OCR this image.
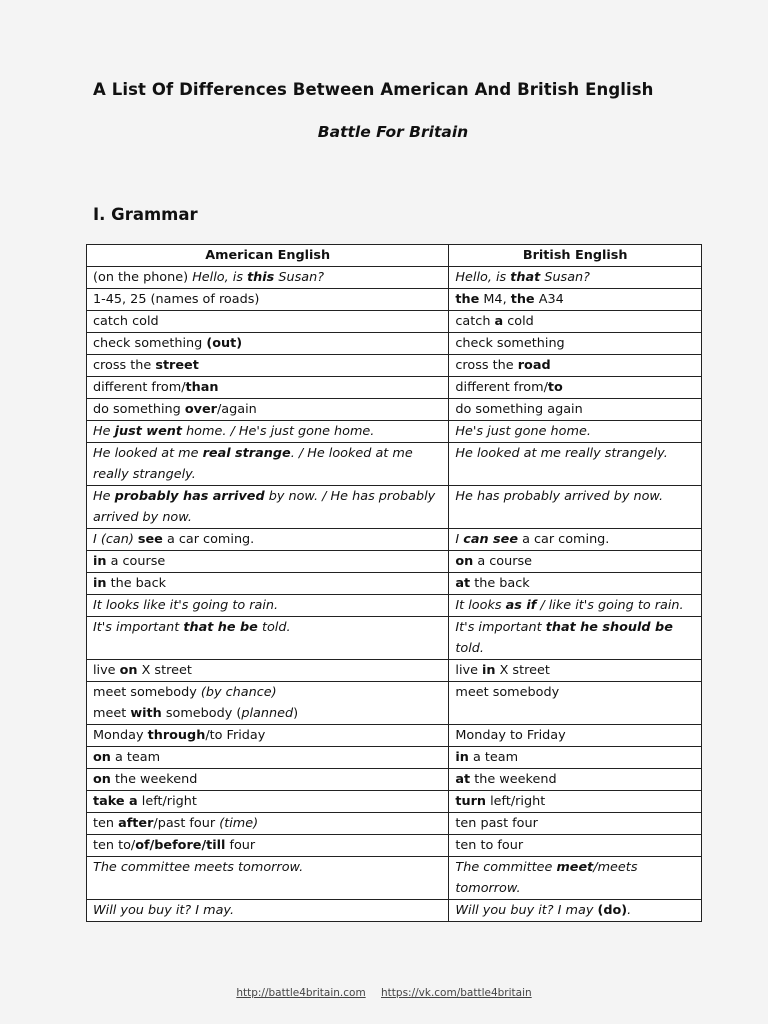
A List Of Differences Between American And British English
Battle For Britain
I. Grammar
American English	British English
(on the phone) Hello, is this Susan?	Hello, is that Susan?
1-45, 25 (names of roads)	the M4, the A34
catch cold	catch a cold
check something (out)	check something
cross the street	cross the road
different from/than	different from/to
do something over/again	do something again
He just went home. / He's just gone home.	He's just gone home.
He looked at me real strange. / He looked at me really strangely.	He looked at me really strangely.
He probably has arrived by now. / He has probably arrived by now.	He has probably arrived by now.
I (can) see a car coming.	I can see a car coming.
in a course	on a course
in the back	at the back
It looks like it's going to rain.	It looks as if / like it's going to rain.
It's important that he be told.	It's important that he should be told.
live on X street	live in X street
meet somebody (by chance)
meet with somebody (planned)	meet somebody
Monday through/to Friday	Monday to Friday
on a team	in a team
on the weekend	at the weekend
take a left/right	turn left/right
ten after/past four (time)	ten past four
ten to/of/before/till four	ten to four
The committee meets tomorrow.	The committee meet/meets tomorrow.
Will you buy it? I may.	Will you buy it? I may (do).
http://battle4britain.com https://vk.com/battle4britain
